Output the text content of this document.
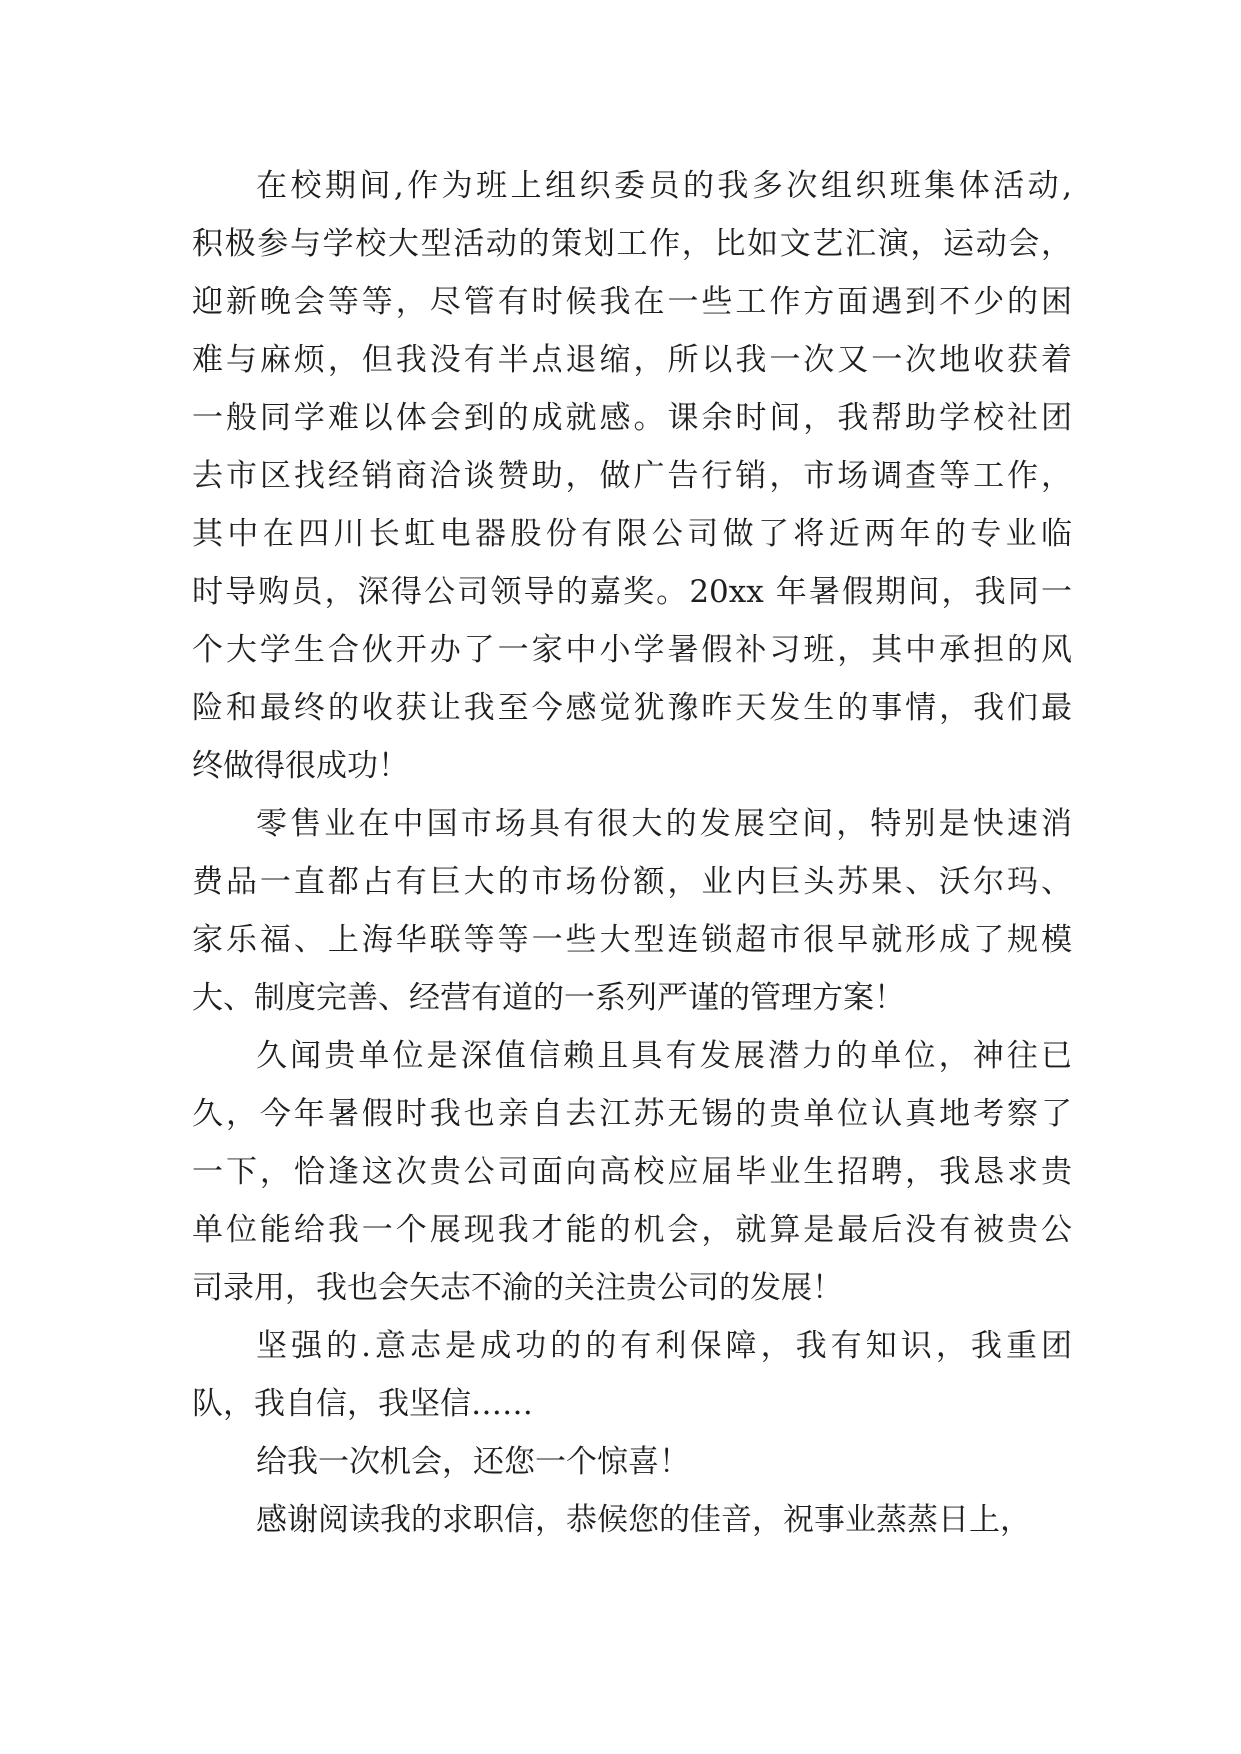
在校期间,作为班上组织委员的我多次组织班集体活动,
积极参与学校大型活动的策划工作，比如文艺汇演，运动会，
迎新晚会等等，尽管有时候我在一些工作方面遇到不少的困
难与麻烦，但我没有半点退缩，所以我一次又一次地收获着
一般同学难以体会到的成就感。课余时间，我帮助学校社团
去市区找经销商洽谈赞助，做广告行销，市场调查等工作，
其中在四川长虹电器股份有限公司做了将近两年的专业临
时导购员，深得公司领导的嘉奖。20xx 年暑假期间，我同一
个大学生合伙开办了一家中小学暑假补习班，其中承担的风
险和最终的收获让我至今感觉犹豫昨天发生的事情，我们最
终做得很成功！
零售业在中国市场具有很大的发展空间，特别是快速消
费品一直都占有巨大的市场份额，业内巨头苏果、沃尔玛、
家乐福、上海华联等等一些大型连锁超市很早就形成了规模
大、制度完善、经营有道的一系列严谨的管理方案！
久闻贵单位是深值信赖且具有发展潜力的单位，神往已
久，今年暑假时我也亲自去江苏无锡的贵单位认真地考察了
一下，恰逢这次贵公司面向高校应届毕业生招聘，我恳求贵
单位能给我一个展现我才能的机会，就算是最后没有被贵公
司录用，我也会矢志不渝的关注贵公司的发展！
坚强的.意志是成功的的有利保障，我有知识，我重团
队，我自信，我坚信……
给我一次机会，还您一个惊喜！
感谢阅读我的求职信，恭候您的佳音，祝事业蒸蒸日上，
